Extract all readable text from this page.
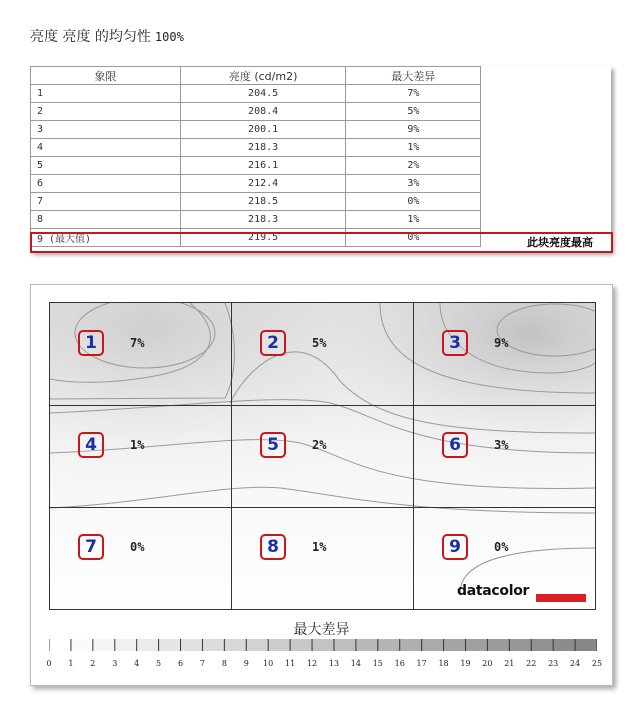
亮度 亮度 的均匀性 100%
象限	亮度 (cd/m2)	最大差异	
1	204.5	7%	
2	208.4	5%	
3	200.1	9%	
4	218.3	1%	
5	216.1	2%	
6	212.4	3%	
7	218.5	0%	
8	218.3	1%	
9 (最大值)	219.5	0%		此块亮度最高
1	7%	2	5%	3	9%
4	1%	5	2%	6	3%
7	0%	8	1%	9	0%
datacolor
最大差异
0 1 2 3 4 5 6 7 8 9 10 11 12 13 14 15 16 17 18 19 20 21 22 23 24 25
